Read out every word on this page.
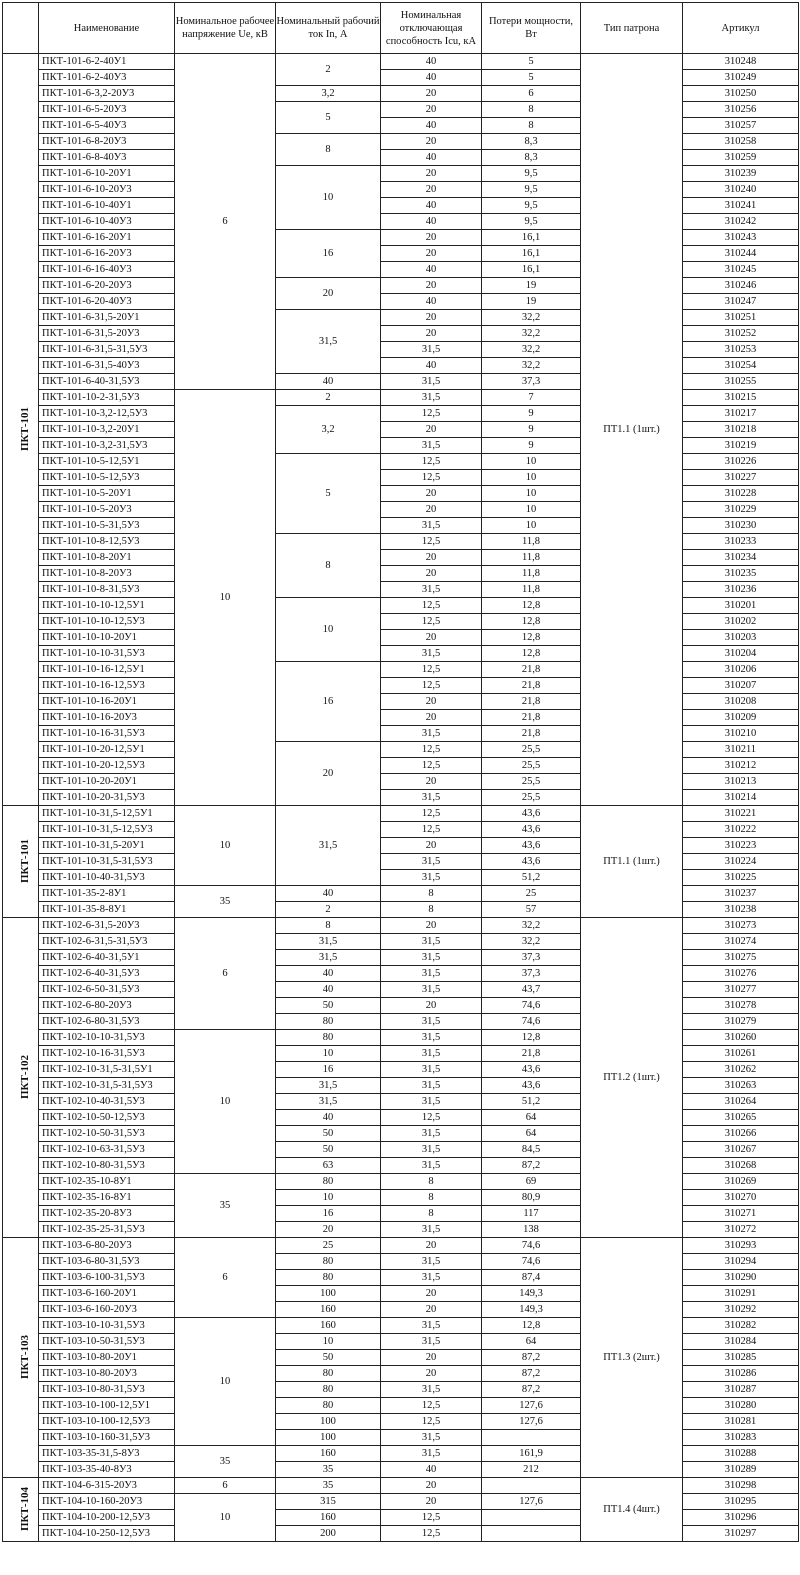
	Наименование	Номинальное рабочее напряжение Ue, кВ	Номинальный рабочий ток In, А	Номинальная отключающая способность Icu, кА	Потери мощности, Вт	Тип патрона	Артикул
ПКТ-101	ПКТ-101-6-2-40У1	6	2	40	5	ПТ1.1 (1шт.)	310248
	ПКТ-101-6-2-40У3			40	5		310249
	ПКТ-101-6-3,2-20У3		3,2	20	6		310250
	ПКТ-101-6-5-20У3		5	20	8		310256
	ПКТ-101-6-5-40У3			40	8		310257
	ПКТ-101-6-8-20У3		8	20	8,3		310258
	ПКТ-101-6-8-40У3			40	8,3		310259
	ПКТ-101-6-10-20У1		10	20	9,5		310239
	ПКТ-101-6-10-20У3			20	9,5		310240
	ПКТ-101-6-10-40У1			40	9,5		310241
	ПКТ-101-6-10-40У3			40	9,5		310242
	ПКТ-101-6-16-20У1		16	20	16,1		310243
	ПКТ-101-6-16-20У3			20	16,1		310244
	ПКТ-101-6-16-40У3			40	16,1		310245
	ПКТ-101-6-20-20У3		20	20	19		310246
	ПКТ-101-6-20-40У3			40	19		310247
	ПКТ-101-6-31,5-20У1		31,5	20	32,2		310251
	ПКТ-101-6-31,5-20У3			20	32,2		310252
	ПКТ-101-6-31,5-31,5У3			31,5	32,2		310253
	ПКТ-101-6-31,5-40У3			40	32,2		310254
	ПКТ-101-6-40-31,5У3		40	31,5	37,3		310255
	ПКТ-101-10-2-31,5У3	10	2	31,5	7		310215
	ПКТ-101-10-3,2-12,5У3		3,2	12,5	9		310217
	ПКТ-101-10-3,2-20У1			20	9		310218
	ПКТ-101-10-3,2-31,5У3			31,5	9		310219
	ПКТ-101-10-5-12,5У1		5	12,5	10		310226
	ПКТ-101-10-5-12,5У3			12,5	10		310227
	ПКТ-101-10-5-20У1			20	10		310228
	ПКТ-101-10-5-20У3			20	10		310229
	ПКТ-101-10-5-31,5У3			31,5	10		310230
	ПКТ-101-10-8-12,5У3		8	12,5	11,8		310233
	ПКТ-101-10-8-20У1			20	11,8		310234
	ПКТ-101-10-8-20У3			20	11,8		310235
	ПКТ-101-10-8-31,5У3			31,5	11,8		310236
	ПКТ-101-10-10-12,5У1		10	12,5	12,8		310201
	ПКТ-101-10-10-12,5У3			12,5	12,8		310202
	ПКТ-101-10-10-20У1			20	12,8		310203
	ПКТ-101-10-10-31,5У3			31,5	12,8		310204
	ПКТ-101-10-16-12,5У1		16	12,5	21,8		310206
	ПКТ-101-10-16-12,5У3			12,5	21,8		310207
	ПКТ-101-10-16-20У1			20	21,8		310208
	ПКТ-101-10-16-20У3			20	21,8		310209
	ПКТ-101-10-16-31,5У3			31,5	21,8		310210
	ПКТ-101-10-20-12,5У1		20	12,5	25,5		310211
	ПКТ-101-10-20-12,5У3			12,5	25,5		310212
	ПКТ-101-10-20-20У1			20	25,5		310213
	ПКТ-101-10-20-31,5У3			31,5	25,5		310214
ПКТ-101	ПКТ-101-10-31,5-12,5У1	10	31,5	12,5	43,6	ПТ1.1 (1шт.)	310221
	ПКТ-101-10-31,5-12,5У3			12,5	43,6		310222
	ПКТ-101-10-31,5-20У1			20	43,6		310223
	ПКТ-101-10-31,5-31,5У3			31,5	43,6		310224
	ПКТ-101-10-40-31,5У3			31,5	51,2		310225
	ПКТ-101-35-2-8У1	35	40	8	25		310237
	ПКТ-101-35-8-8У1		2	8	57		310238
ПКТ-102	ПКТ-102-6-31,5-20У3	6	8	20	32,2	ПТ1.2 (1шт.)	310273
	ПКТ-102-6-31,5-31,5У3		31,5	31,5	32,2		310274
	ПКТ-102-6-40-31,5У1		31,5	31,5	37,3		310275
	ПКТ-102-6-40-31,5У3		40	31,5	37,3		310276
	ПКТ-102-6-50-31,5У3		40	31,5	43,7		310277
	ПКТ-102-6-80-20У3		50	20	74,6		310278
	ПКТ-102-6-80-31,5У3		80	31,5	74,6		310279
	ПКТ-102-10-10-31,5У3	10	80	31,5	12,8		310260
	ПКТ-102-10-16-31,5У3		10	31,5	21,8		310261
	ПКТ-102-10-31,5-31,5У1		16	31,5	43,6		310262
	ПКТ-102-10-31,5-31,5У3		31,5	31,5	43,6		310263
	ПКТ-102-10-40-31,5У3		31,5	31,5	51,2		310264
	ПКТ-102-10-50-12,5У3		40	12,5	64		310265
	ПКТ-102-10-50-31,5У3		50	31,5	64		310266
	ПКТ-102-10-63-31,5У3		50	31,5	84,5		310267
	ПКТ-102-10-80-31,5У3		63	31,5	87,2		310268
	ПКТ-102-35-10-8У1	35	80	8	69		310269
	ПКТ-102-35-16-8У1		10	8	80,9		310270
	ПКТ-102-35-20-8У3		16	8	117		310271
	ПКТ-102-35-25-31,5У3		20	31,5	138		310272
ПКТ-103	ПКТ-103-6-80-20У3	6	25	20	74,6	ПТ1.3 (2шт.)	310293
	ПКТ-103-6-80-31,5У3		80	31,5	74,6		310294
	ПКТ-103-6-100-31,5У3		80	31,5	87,4		310290
	ПКТ-103-6-160-20У1		100	20	149,3		310291
	ПКТ-103-6-160-20У3		160	20	149,3		310292
	ПКТ-103-10-10-31,5У3	10	160	31,5	12,8		310282
	ПКТ-103-10-50-31,5У3		10	31,5	64		310284
	ПКТ-103-10-80-20У1		50	20	87,2		310285
	ПКТ-103-10-80-20У3		80	20	87,2		310286
	ПКТ-103-10-80-31,5У3		80	31,5	87,2		310287
	ПКТ-103-10-100-12,5У1		80	12,5	127,6		310280
	ПКТ-103-10-100-12,5У3		100	12,5	127,6		310281
	ПКТ-103-10-160-31,5У3		100	31,5			310283
	ПКТ-103-35-31,5-8У3	35	160	31,5	161,9		310288
	ПКТ-103-35-40-8У3		35	40	212		310289
ПКТ-104	ПКТ-104-6-315-20У3	6	35	20		ПТ1.4 (4шт.)	310298
	ПКТ-104-10-160-20У3	10	315	20	127,6		310295
	ПКТ-104-10-200-12,5У3		160	12,5			310296
	ПКТ-104-10-250-12,5У3		200	12,5			310297
